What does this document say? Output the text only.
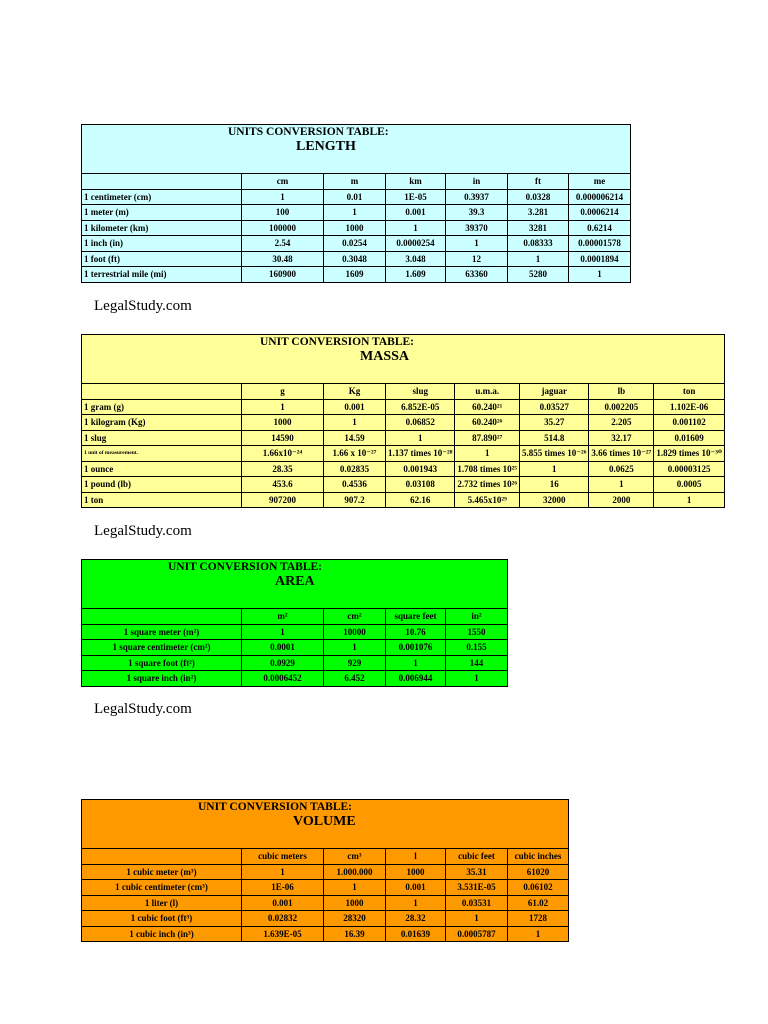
UNITS CONVERSION TABLE:
LENGTH						

	cm	m	km	in	ft	me
1 centimeter (cm)	1	0.01	1E-05	0.3937	0.0328	0.000006214
1 meter (m)	100	1	0.001	39.3	3.281	0.0006214
1 kilometer (km)	100000	1000	1	39370	3281	0.6214
1 inch (in)	2.54	0.0254	0.0000254	1	0.08333	0.00001578
1 foot (ft)	30.48	0.3048	3.048	12	1	0.0001894
1 terrestrial mile (mi)	160900	1609	1.609	63360	5280	1
LegalStudy.com
UNIT CONVERSION TABLE:
MASSA							

	g	Kg	slug	u.m.a.	jaguar	lb	ton
1 gram (g)	1	0.001	6.852E-05	60.240²¹	0.03527	0.002205	1.102E-06
1 kilogram (Kg)	1000	1	0.06852	60.240²⁶	35.27	2.205	0.001102
1 slug	14590	14.59	1	87.890²⁷	514.8	32.17	0.01609
1 unit of measurement.	1.66x10⁻²⁴	1.66 x 10⁻²⁷	1.137 times 10⁻²⁸	1	5.855 times 10⁻²⁶	3.66 times 10⁻²⁷	1.829 times 10⁻³⁰
1 ounce	28.35	0.02835	0.001943	1.708 times 10²⁵	1	0.0625	0.00003125
1 pound (lb)	453.6	0.4536	0.03108	2.732 times 10²⁶	16	1	0.0005
1 ton	907200	907.2	62.16	5.465x10²⁹	32000	2000	1
LegalStudy.com
UNIT CONVERSION TABLE:
AREA				

	m²	cm²	square feet	in²
1 square meter (m²)	1	10000	10.76	1550
1 square centimeter (cm²)	0.0001	1	0.001076	0.155
1 square foot (ft²)	0.0929	929	1	144
1 square inch (in²)	0.0006452	6.452	0.006944	1
LegalStudy.com
UNIT CONVERSION TABLE:
VOLUME					

	cubic meters	cm³	l	cubic feet	cubic inches
1 cubic meter (m³)	1	1.000.000	1000	35.31	61020
1 cubic centimeter (cm³)	1E-06	1	0.001	3.531E-05	0.06102
1 liter (l)	0.001	1000	1	0.03531	61.02
1 cubic foot (ft³)	0.02832	28320	28.32	1	1728
1 cubic inch (in³)	1.639E-05	16.39	0.01639	0.0005787	1
